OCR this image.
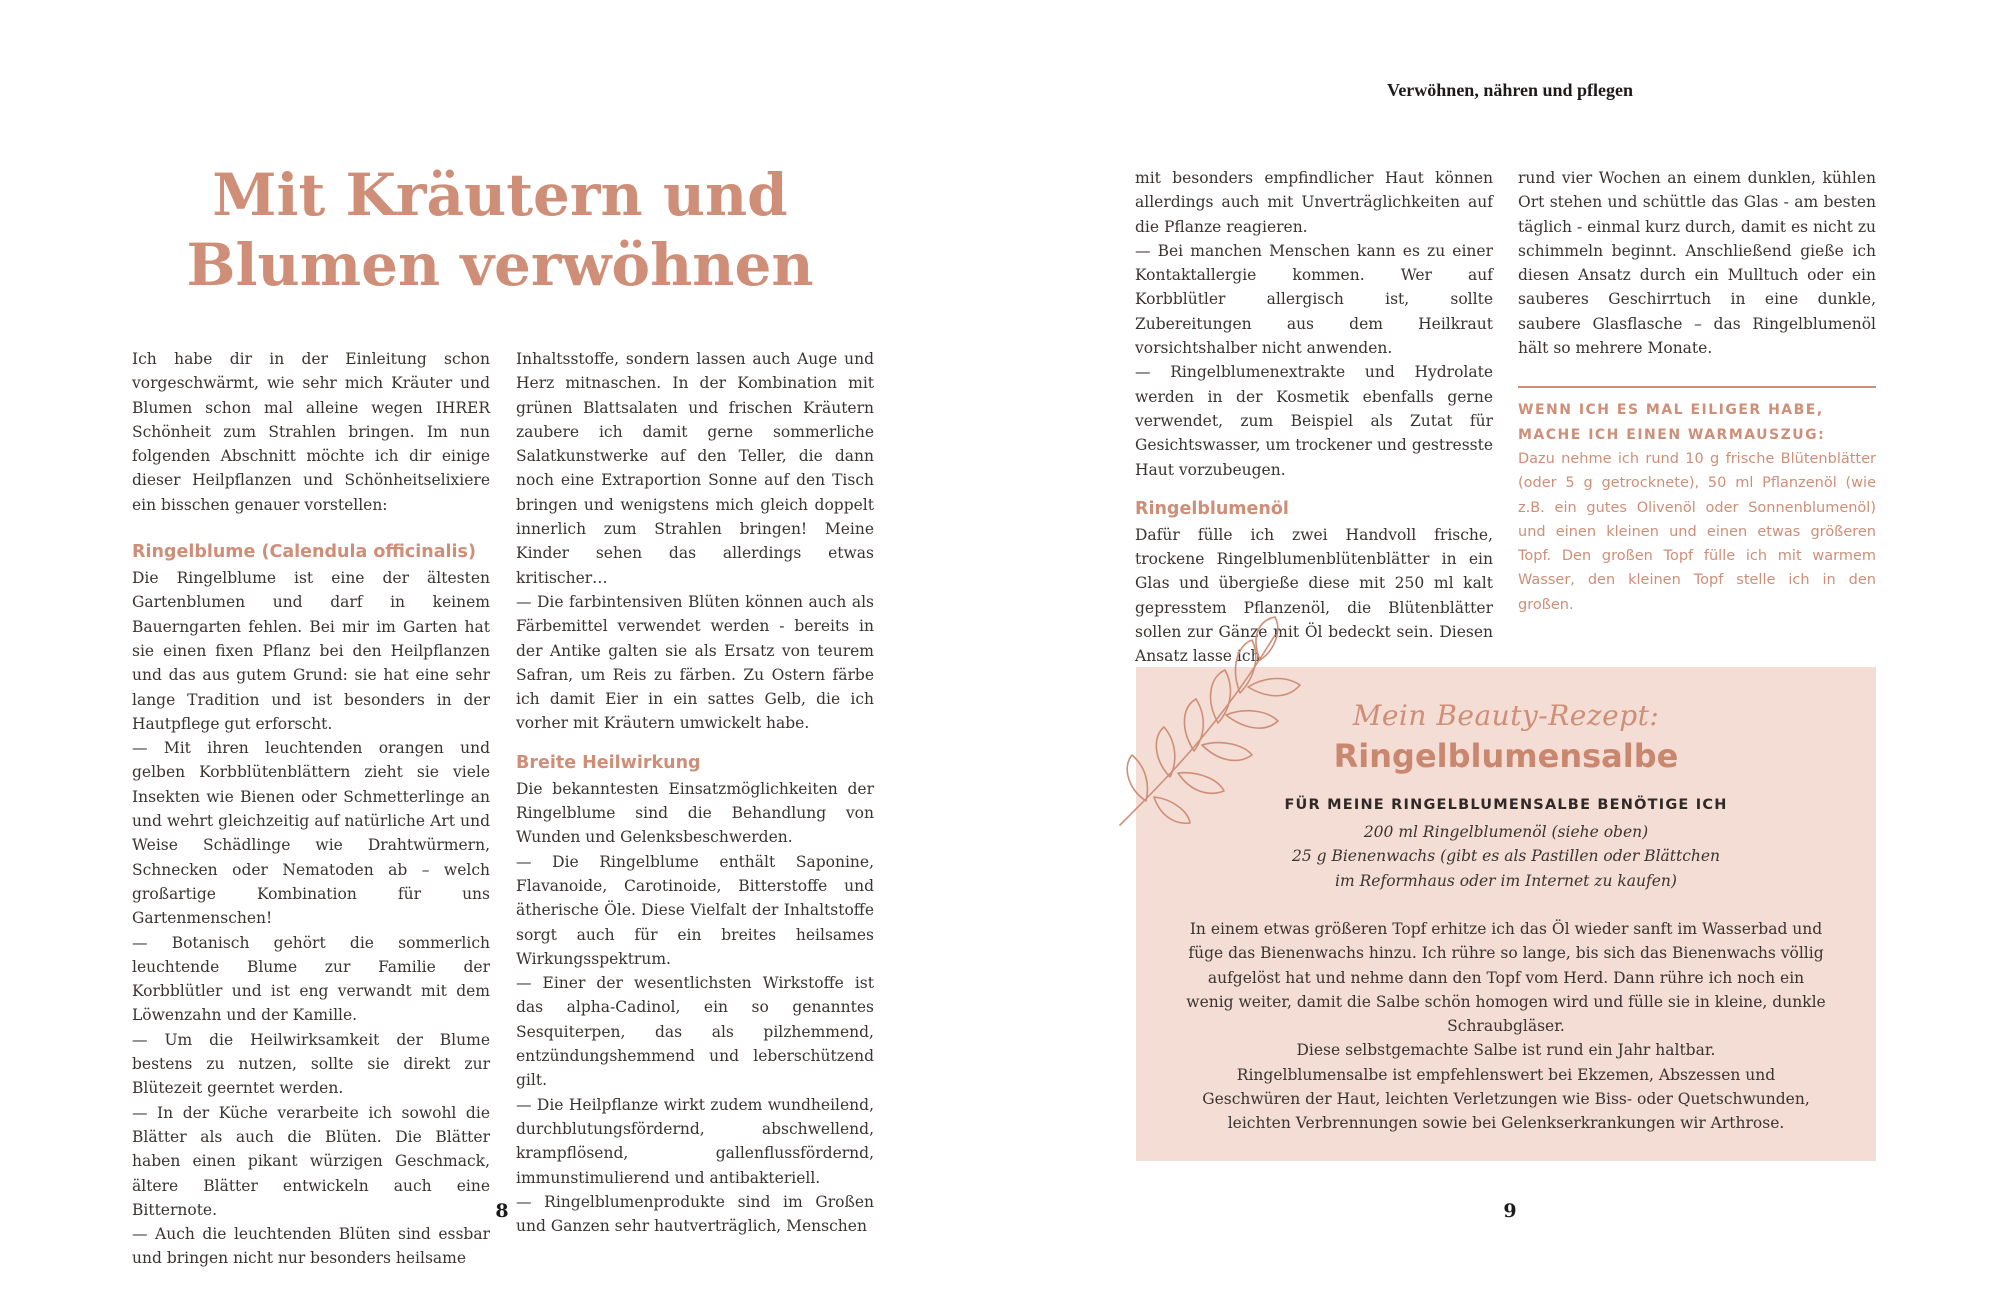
Mit Kräutern und
Blumen verwöhnen

Ich habe dir in der Einleitung schon vorgeschwärmt, wie sehr mich Kräuter und Blumen schon mal alleine wegen IHRER Schönheit zum Strahlen bringen. Im nun folgenden Abschnitt möchte ich dir einige dieser Heilpflanzen und Schönheitselixiere ein bisschen genauer vorstellen:

Ringelblume (Calendula officinalis)

Die Ringelblume ist eine der ältesten Gartenblumen und darf in keinem Bauerngarten fehlen. Bei mir im Garten hat sie einen fixen Pflanz bei den Heilpflanzen und das aus gutem Grund: sie hat eine sehr lange Tradition und ist besonders in der Hautpflege gut erforscht.

— Mit ihren leuchtenden orangen und gelben Korbblütenblättern zieht sie viele Insekten wie Bienen oder Schmetterlinge an und wehrt gleichzeitig auf natürliche Art und Weise Schädlinge wie Drahtwürmern, Schnecken oder Nematoden ab – welch großartige Kombination für uns Gartenmenschen!

— Botanisch gehört die sommerlich leuchtende Blume zur Familie der Korbblütler und ist eng verwandt mit dem Löwenzahn und der Kamille.

— Um die Heilwirksamkeit der Blume bestens zu nutzen, sollte sie direkt zur Blütezeit geerntet werden.

— In der Küche verarbeite ich sowohl die Blätter als auch die Blüten. Die Blätter haben einen pikant würzigen Geschmack, ältere Blätter entwickeln auch eine Bitternote.

— Auch die leuchtenden Blüten sind essbar und bringen nicht nur besonders heilsame

Inhaltsstoffe, sondern lassen auch Auge und Herz mitnaschen. In der Kombination mit grünen Blattsalaten und frischen Kräutern zaubere ich damit gerne sommerliche Salatkunstwerke auf den Teller, die dann noch eine Extraportion Sonne auf den Tisch bringen und wenigstens mich gleich doppelt innerlich zum Strahlen bringen! Meine Kinder sehen das allerdings etwas kritischer…

— Die farbintensiven Blüten können auch als Färbemittel verwendet werden - bereits in der Antike galten sie als Ersatz von teurem Safran, um Reis zu färben. Zu Ostern färbe ich damit Eier in ein sattes Gelb, die ich vorher mit Kräutern umwickelt habe.

Breite Heilwirkung

Die bekanntesten Einsatzmöglichkeiten der Ringelblume sind die Behandlung von Wunden und Gelenksbeschwerden.

— Die Ringelblume enthält Saponine, Flavanoide, Carotinoide, Bitterstoffe und ätherische Öle. Diese Vielfalt der Inhaltstoffe sorgt auch für ein breites heilsames Wirkungsspektrum.

— Einer der wesentlichsten Wirkstoffe ist das alpha-Cadinol, ein so genanntes Sesquiterpen, das als pilzhemmend, entzündungshemmend und leberschützend gilt.

— Die Heilpflanze wirkt zudem wundheilend, durchblutungsfördernd, abschwellend, krampflösend, gallenflussfördernd, immunstimulierend und antibakteriell.

— Ringelblumenprodukte sind im Großen und Ganzen sehr hautverträglich, Menschen

8
Verwöhnen, nähren und pflegen

mit besonders empfindlicher Haut können allerdings auch mit Unverträglichkeiten auf die Pflanze reagieren.

— Bei manchen Menschen kann es zu einer Kontaktallergie kommen. Wer auf Korbblütler allergisch ist, sollte Zubereitungen aus dem Heilkraut vorsichtshalber nicht anwenden.

— Ringelblumenextrakte und Hydrolate werden in der Kosmetik ebenfalls gerne verwendet, zum Beispiel als Zutat für Gesichtswasser, um trockener und gestresste Haut vorzubeugen.

Ringelblumenöl

Dafür fülle ich zwei Handvoll frische, trockene Ringelblumenblütenblätter in ein Glas und übergieße diese mit 250 ml kalt gepresstem Pflanzenöl, die Blütenblätter sollen zur Gänze mit Öl bedeckt sein. Diesen Ansatz lasse ich

rund vier Wochen an einem dunklen, kühlen Ort stehen und schüttle das Glas - am besten täglich - einmal kurz durch, damit es nicht zu schimmeln beginnt. Anschließend gieße ich diesen Ansatz durch ein Mulltuch oder ein sauberes Geschirrtuch in eine dunkle, saubere Glasflasche – das Ringelblumenöl hält so mehrere Monate.

WENN ICH ES MAL EILIGER HABE, MACHE ICH EINEN WARMAUSZUG:
Dazu nehme ich rund 10 g frische Blütenblätter (oder 5 g getrocknete), 50 ml Pflanzenöl (wie z.B. ein gutes Olivenöl oder Sonnenblumenöl) und einen kleinen und einen etwas größeren Topf. Den großen Topf fülle ich mit warmem Wasser, den kleinen Topf stelle ich in den großen.
Mein Beauty-Rezept:
Ringelblumensalbe
FÜR MEINE RINGELBLUMENSALBE BENÖTIGE ICH
200 ml Ringelblumenöl (siehe oben)
25 g Bienenwachs (gibt es als Pastillen oder Blättchen
im Reformhaus oder im Internet zu kaufen)

In einem etwas größeren Topf erhitze ich das Öl wieder sanft im Wasserbad und füge das Bienenwachs hinzu. Ich rühre so lange, bis sich das Bienenwachs völlig aufgelöst hat und nehme dann den Topf vom Herd. Dann rühre ich noch ein wenig weiter, damit die Salbe schön homogen wird und fülle sie in kleine, dunkle Schraubgläser.

Diese selbstgemachte Salbe ist rund ein Jahr haltbar.

Ringelblumensalbe ist empfehlenswert bei Ekzemen, Abszessen und Geschwüren der Haut, leichten Verletzungen wie Biss- oder Quetschwunden, leichten Verbrennungen sowie bei Gelenkserkrankungen wir Arthrose.

9
